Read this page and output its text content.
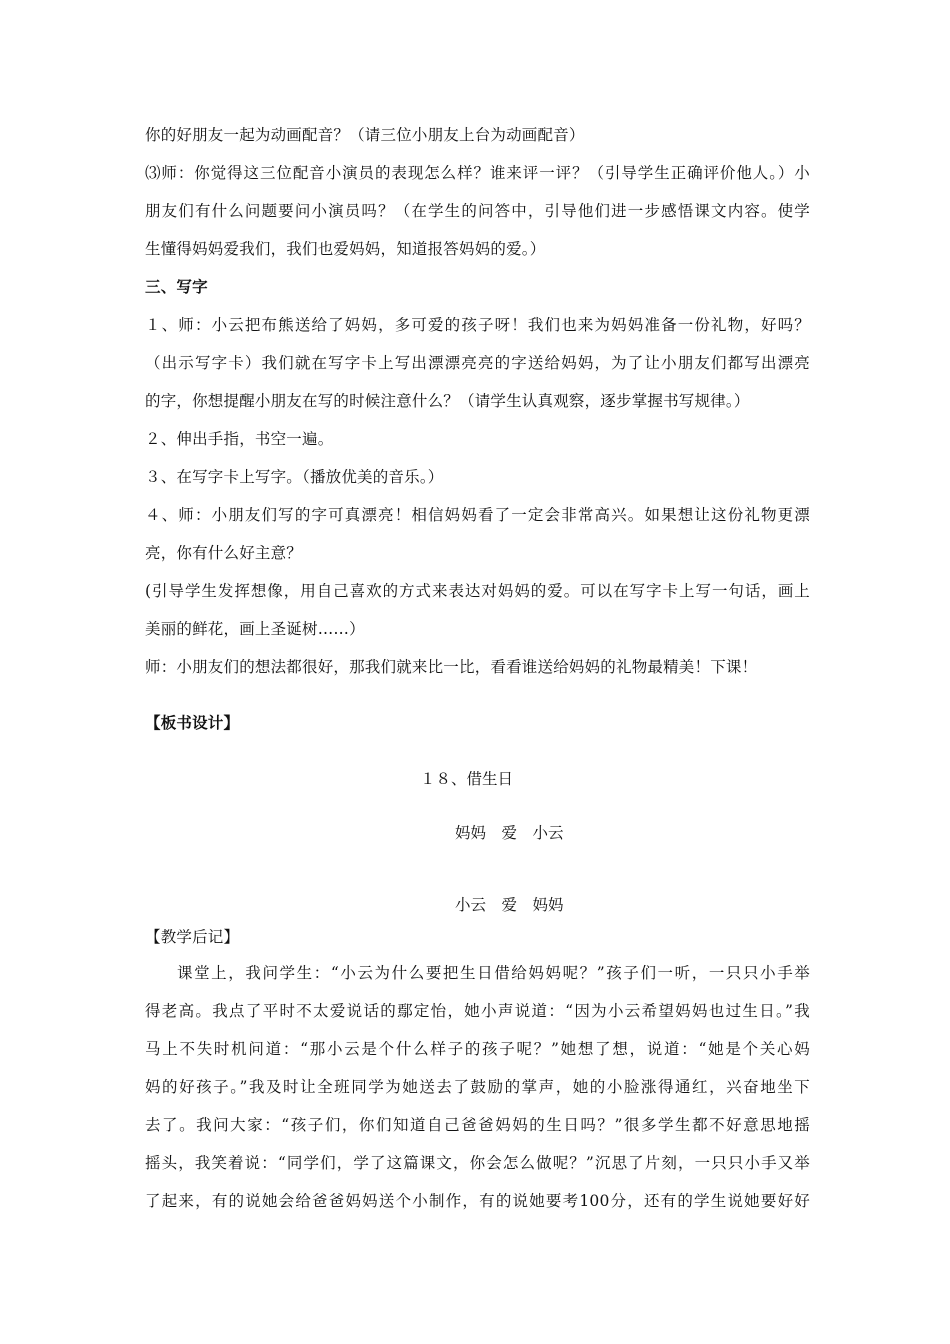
你的好朋友一起为动画配音？（请三位小朋友上台为动画配音）
⑶师：你觉得这三位配音小演员的表现怎么样？谁来评一评？（引导学生正确评价他人。）小
朋友们有什么问题要问小演员吗？（在学生的问答中，引导他们进一步感悟课文内容。使学
生懂得妈妈爱我们，我们也爱妈妈，知道报答妈妈的爱。）
三、写字
１、师：小云把布熊送给了妈妈，多可爱的孩子呀！我们也来为妈妈准备一份礼物，好吗？
（出示写字卡）我们就在写字卡上写出漂漂亮亮的字送给妈妈，为了让小朋友们都写出漂亮
的字，你想提醒小朋友在写的时候注意什么？（请学生认真观察，逐步掌握书写规律。）
２、伸出手指，书空一遍。
３、在写字卡上写字。（播放优美的音乐。）
４、师：小朋友们写的字可真漂亮！相信妈妈看了一定会非常高兴。如果想让这份礼物更漂
亮，你有什么好主意？
(引导学生发挥想像，用自己喜欢的方式来表达对妈妈的爱。可以在写字卡上写一句话，画上
美丽的鲜花，画上圣诞树……）
师：小朋友们的想法都很好，那我们就来比一比，看看谁送给妈妈的礼物最精美！下课！
【板书设计】
１８、借生日
妈妈　爱　小云
小云　爱　妈妈
【教学后记】
课堂上，我问学生：“小云为什么要把生日借给妈妈呢？”孩子们一听，一只只小手举
得老高。我点了平时不太爱说话的鄢定怡，她小声说道：“因为小云希望妈妈也过生日。”我
马上不失时机问道：“那小云是个什么样子的孩子呢？”她想了想，说道：“她是个关心妈
妈的好孩子。”我及时让全班同学为她送去了鼓励的掌声，她的小脸涨得通红，兴奋地坐下
去了。我问大家：“孩子们，你们知道自己爸爸妈妈的生日吗？”很多学生都不好意思地摇
摇头，我笑着说：“同学们，学了这篇课文，你会怎么做呢？”沉思了片刻，一只只小手又举
了起来，有的说她会给爸爸妈妈送个小制作，有的说她要考100分，还有的学生说她要好好
